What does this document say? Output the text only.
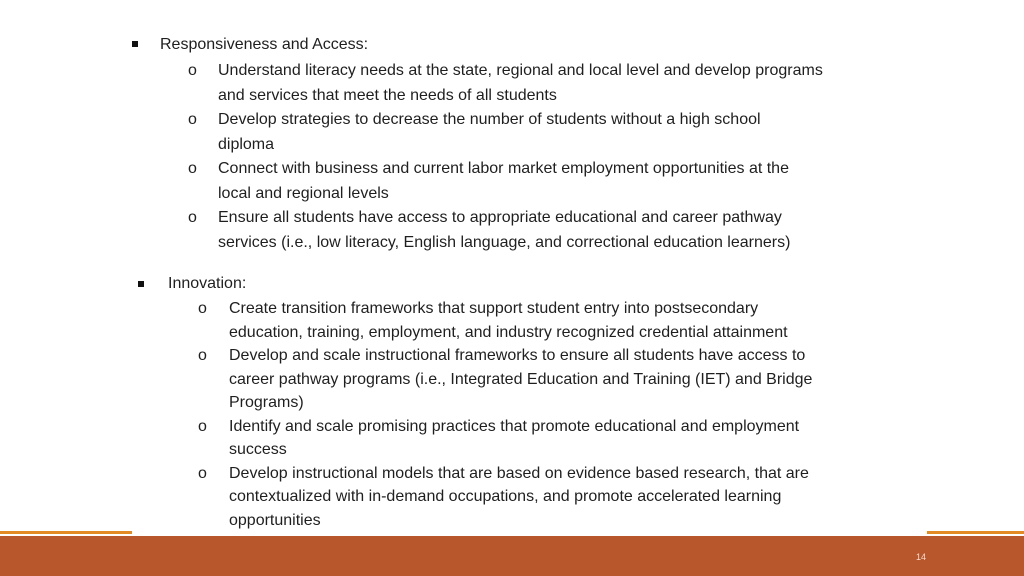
Responsiveness and Access:
o Understand literacy needs at the state, regional and local level and develop programs
and services that meet the needs of all students
o Develop strategies to decrease the number of students without a high school
diploma
o Connect with business and current labor market employment opportunities at the
local and regional levels
o Ensure all students have access to appropriate educational and career pathway
services (i.e., low literacy, English language, and correctional education learners)
Innovation:
o Create transition frameworks that support student entry into postsecondary
education, training, employment, and industry recognized credential attainment
o Develop and scale instructional frameworks to ensure all students have access to
career pathway programs (i.e., Integrated Education and Training (IET) and Bridge
Programs)
o Identify and scale promising practices that promote educational and employment
success
o Develop instructional models that are based on evidence based research, that are
contextualized with in-demand occupations, and promote accelerated learning
opportunities
14
